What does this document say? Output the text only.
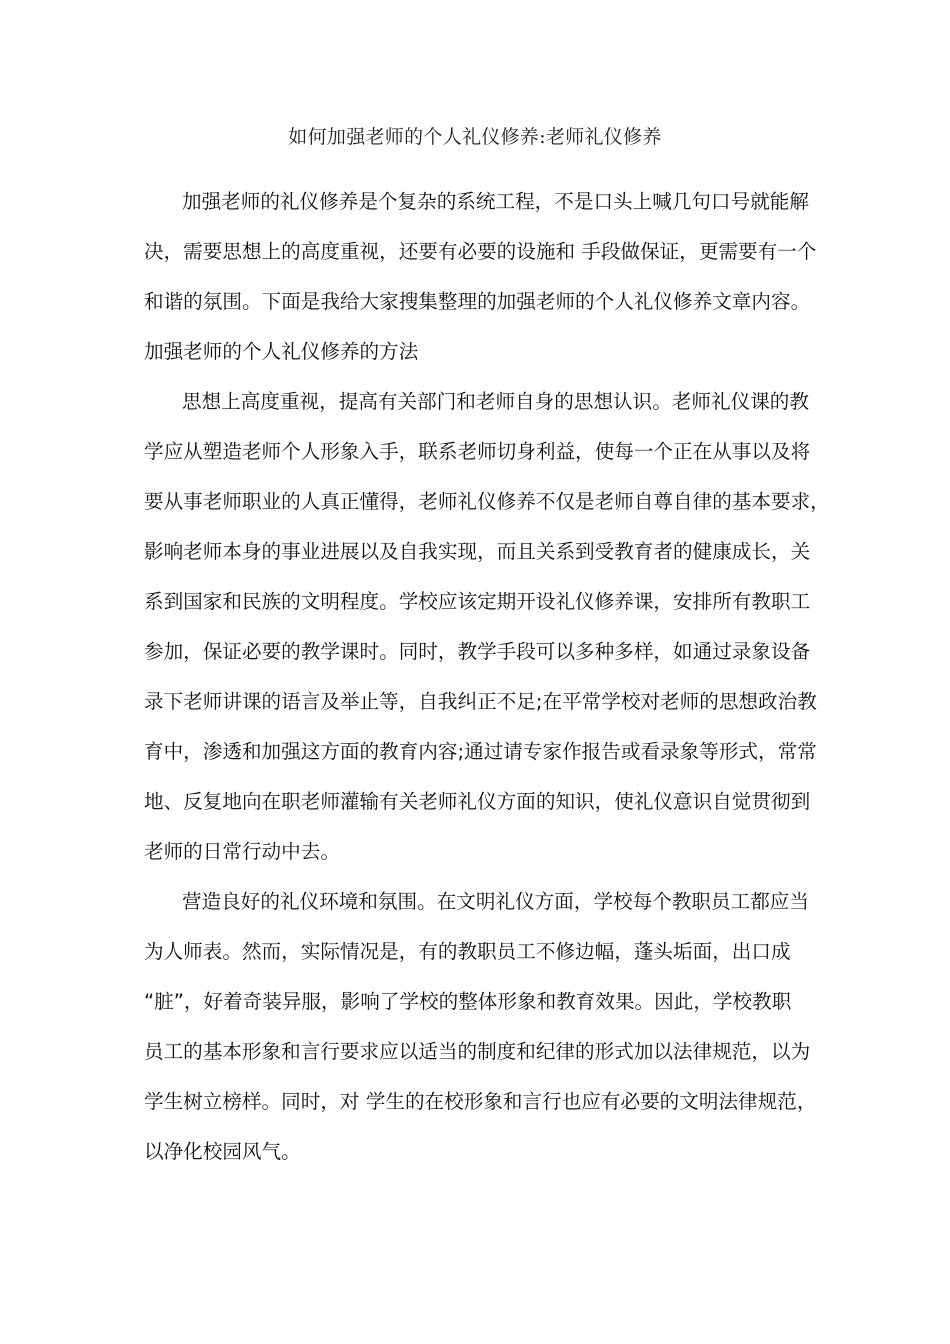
如何加强老师的个人礼仪修养:老师礼仪修养
加强老师的礼仪修养是个复杂的系统工程，不是口头上喊几句口号就能解
决，需要思想上的高度重视，还要有必要的设施和 手段做保证，更需要有一个
和谐的氛围。下面是我给大家搜集整理的加强老师的个人礼仪修养文章内容。
加强老师的个人礼仪修养的方法
思想上高度重视，提高有关部门和老师自身的思想认识。老师礼仪课的教
学应从塑造老师个人形象入手，联系老师切身利益，使每一个正在从事以及将
要从事老师职业的人真正懂得，老师礼仪修养不仅是老师自尊自律的基本要求，
影响老师本身的事业进展以及自我实现，而且关系到受教育者的健康成长，关
系到国家和民族的文明程度。学校应该定期开设礼仪修养课，安排所有教职工
参加，保证必要的教学课时。同时，教学手段可以多种多样，如通过录象设备
录下老师讲课的语言及举止等，自我纠正不足;在平常学校对老师的思想政治教
育中，渗透和加强这方面的教育内容;通过请专家作报告或看录象等形式，常常
地、反复地向在职老师灌输有关老师礼仪方面的知识，使礼仪意识自觉贯彻到
老师的日常行动中去。
营造良好的礼仪环境和氛围。在文明礼仪方面，学校每个教职员工都应当
为人师表。然而，实际情况是，有的教职员工不修边幅，蓬头垢面，出口成
“脏”，好着奇装异服，影响了学校的整体形象和教育效果。因此，学校教职
员工的基本形象和言行要求应以适当的制度和纪律的形式加以法律规范，以为
学生树立榜样。同时，对 学生的在校形象和言行也应有必要的文明法律规范，
以净化校园风气。
